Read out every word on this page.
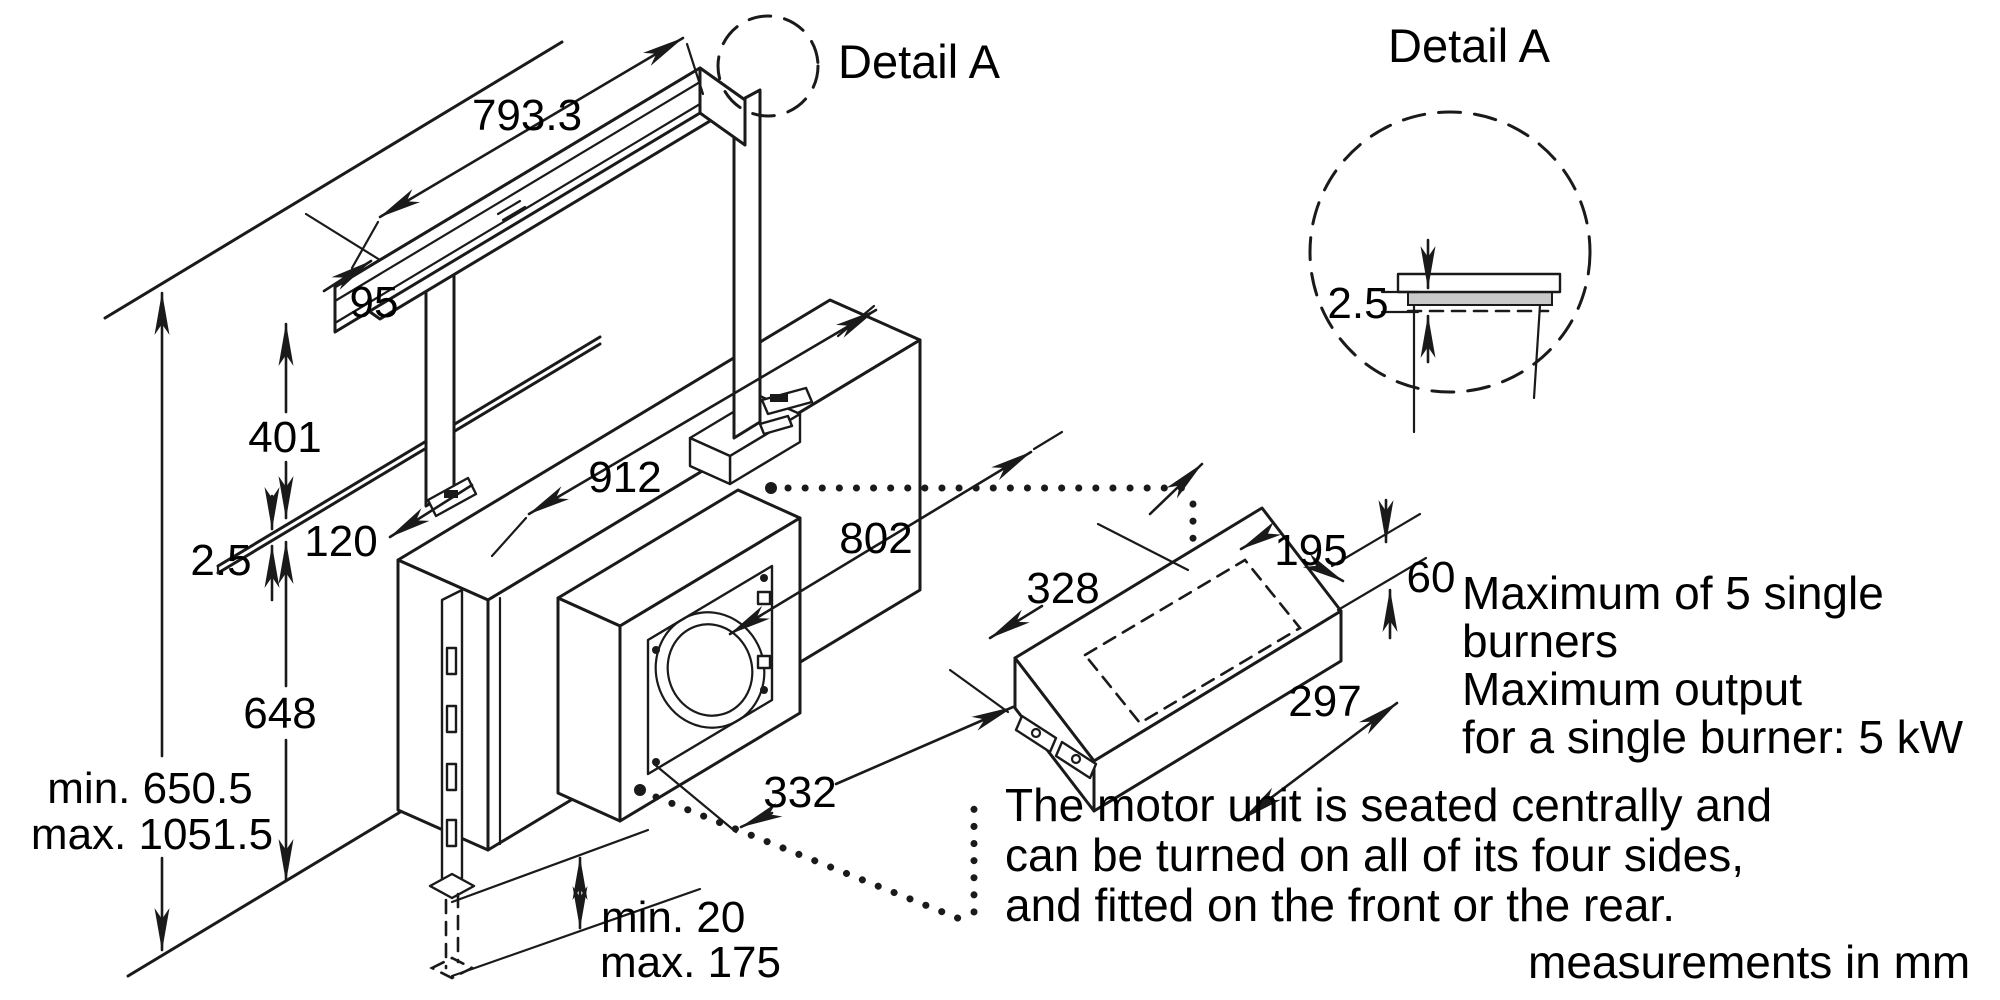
Detail A	Detail A
793.3
95
401
2.5 120
912
802
648
min. 650.5
max. 1051.5
min. 20
max. 175
332
328
195
60
297
2.5
Maximum of 5 single
burners
Maximum output
for a single burner: 5 kW
The motor unit is seated centrally and
can be turned on all of its four sides,
and fitted on the front or the rear.
measurements in mm
